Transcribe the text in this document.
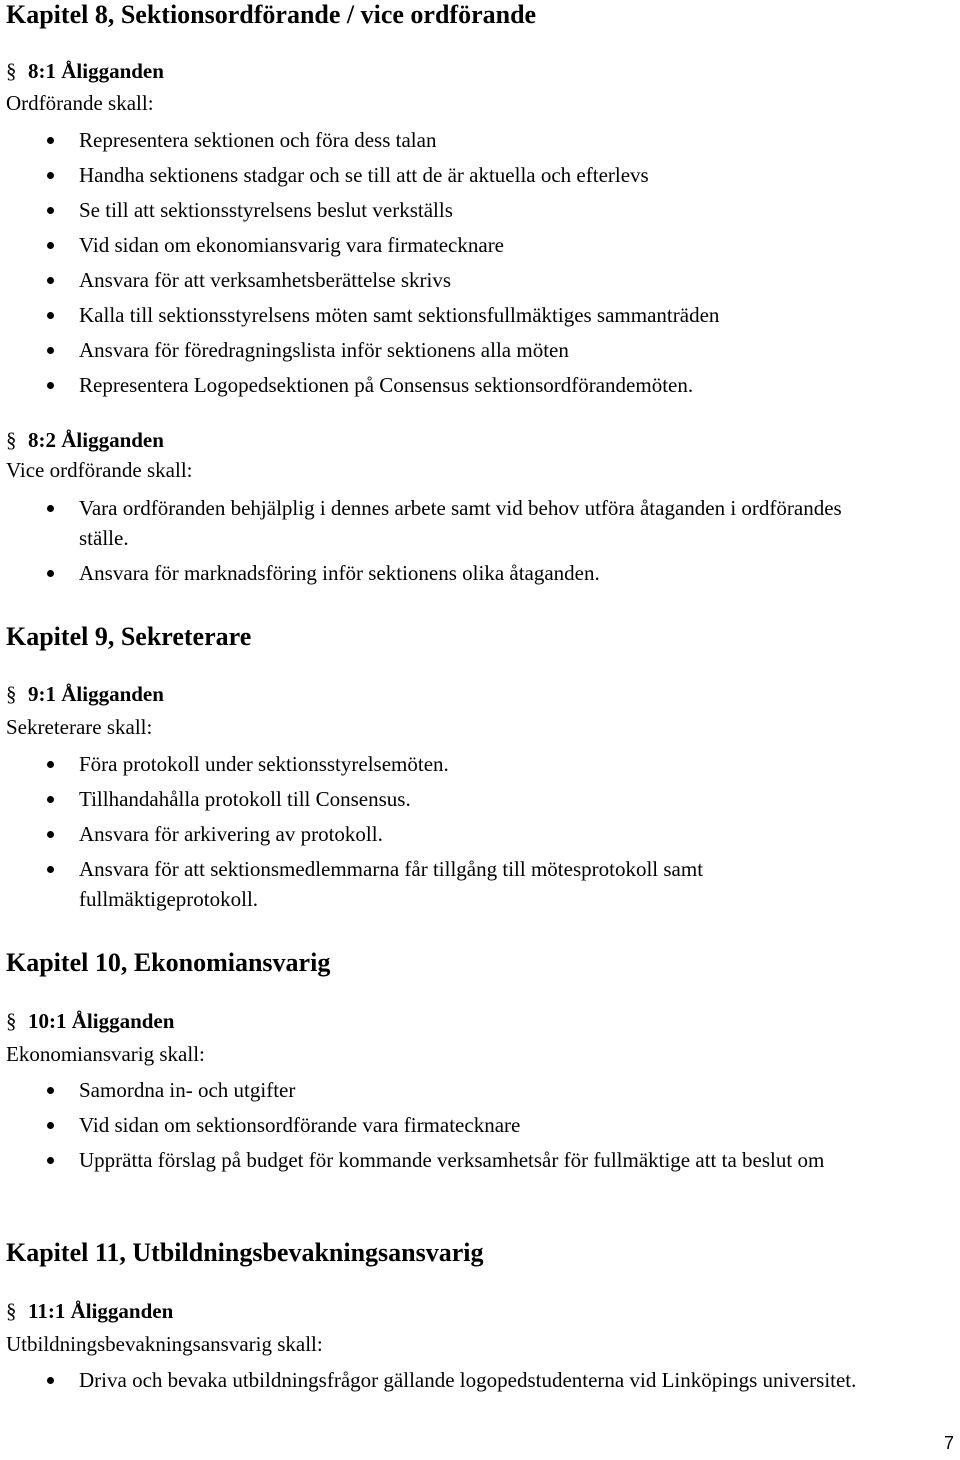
Kapitel 8, Sektionsordförande / vice ordförande
§ 8:1 Åligganden
Ordförande skall:
Representera sektionen och föra dess talan
Handha sektionens stadgar och se till att de är aktuella och efterlevs
Se till att sektionsstyrelsens beslut verkställs
Vid sidan om ekonomiansvarig vara firmatecknare
Ansvara för att verksamhetsberättelse skrivs
Kalla till sektionsstyrelsens möten samt sektionsfullmäktiges sammanträden
Ansvara för föredragningslista inför sektionens alla möten
Representera Logopedsektionen på Consensus sektionsordförandemöten.
§ 8:2 Åligganden
Vice ordförande skall:
Vara ordföranden behjälplig i dennes arbete samt vid behov utföra åtaganden i ordförandes ställe.
Ansvara för marknadsföring inför sektionens olika åtaganden.
Kapitel 9, Sekreterare
§ 9:1 Åligganden
Sekreterare skall:
Föra protokoll under sektionsstyrelsemöten.
Tillhandahålla protokoll till Consensus.
Ansvara för arkivering av protokoll.
Ansvara för att sektionsmedlemmarna får tillgång till mötesprotokoll samt fullmäktigeprotokoll.
Kapitel 10, Ekonomiansvarig
§ 10:1 Åligganden
Ekonomiansvarig skall:
Samordna in- och utgifter
Vid sidan om sektionsordförande vara firmatecknare
Upprätta förslag på budget för kommande verksamhetsår för fullmäktige att ta beslut om
Kapitel 11, Utbildningsbevakningsansvarig
§ 11:1 Åligganden
Utbildningsbevakningsansvarig skall:
Driva och bevaka utbildningsfrågor gällande logopedstudenterna vid Linköpings universitet.
7
